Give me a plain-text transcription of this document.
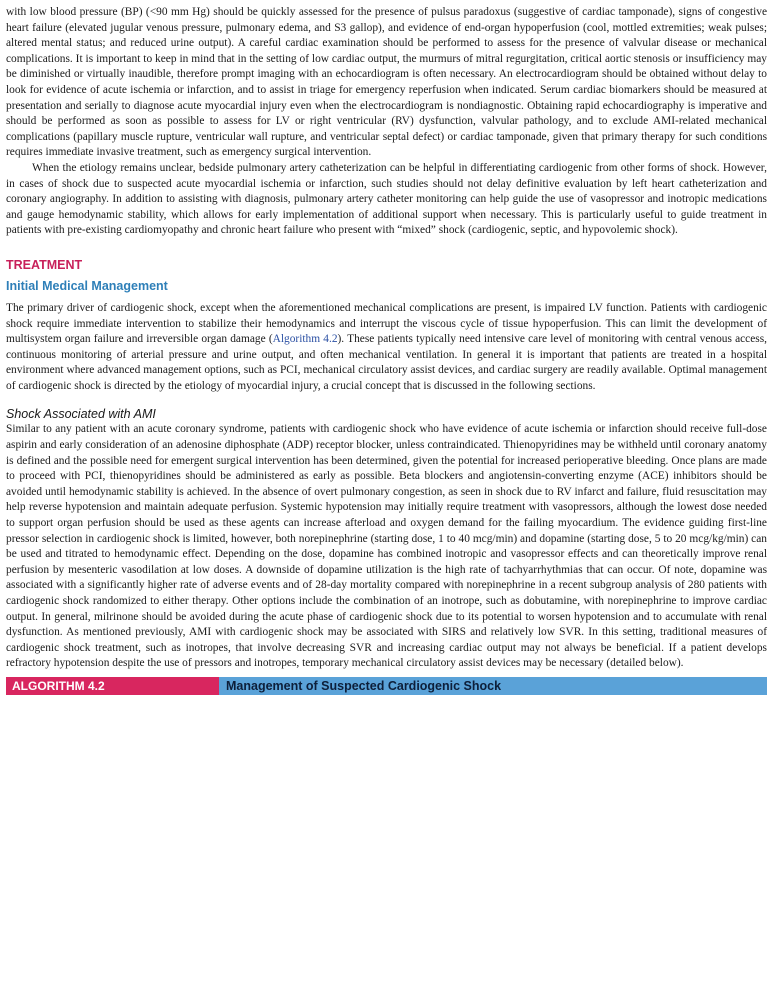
with low blood pressure (BP) (<90 mm Hg) should be quickly assessed for the presence of pulsus paradoxus (suggestive of cardiac tamponade), signs of congestive heart failure (elevated jugular venous pressure, pulmonary edema, and S3 gallop), and evidence of end-organ hypoperfusion (cool, mottled extremities; weak pulses; altered mental status; and reduced urine output). A careful cardiac examination should be performed to assess for the presence of valvular disease or mechanical complications. It is important to keep in mind that in the setting of low cardiac output, the murmurs of mitral regurgitation, critical aortic stenosis or insufficiency may be diminished or virtually inaudible, therefore prompt imaging with an echocardiogram is often necessary. An electrocardiogram should be obtained without delay to look for evidence of acute ischemia or infarction, and to assist in triage for emergency reperfusion when indicated. Serum cardiac biomarkers should be measured at presentation and serially to diagnose acute myocardial injury even when the electrocardiogram is nondiagnostic. Obtaining rapid echocardiography is imperative and should be performed as soon as possible to assess for LV or right ventricular (RV) dysfunction, valvular pathology, and to exclude AMI-related mechanical complications (papillary muscle rupture, ventricular wall rupture, and ventricular septal defect) or cardiac tamponade, given that primary therapy for such conditions requires immediate invasive treatment, such as emergency surgical intervention.

When the etiology remains unclear, bedside pulmonary artery catheterization can be helpful in differentiating cardiogenic from other forms of shock. However, in cases of shock due to suspected acute myocardial ischemia or infarction, such studies should not delay definitive evaluation by left heart catheterization and coronary angiography. In addition to assisting with diagnosis, pulmonary artery catheter monitoring can help guide the use of vasopressor and inotropic medications and gauge hemodynamic stability, which allows for early implementation of additional support when necessary. This is particularly useful to guide treatment in patients with pre-existing cardiomyopathy and chronic heart failure who present with “mixed” shock (cardiogenic, septic, and hypovolemic shock).

TREATMENT
Initial Medical Management

The primary driver of cardiogenic shock, except when the aforementioned mechanical complications are present, is impaired LV function. Patients with cardiogenic shock require immediate intervention to stabilize their hemodynamics and interrupt the viscous cycle of tissue hypoperfusion. This can limit the development of multisystem organ failure and irreversible organ damage (Algorithm 4.2). These patients typically need intensive care level of monitoring with central venous access, continuous monitoring of arterial pressure and urine output, and often mechanical ventilation. In general it is important that patients are treated in a hospital environment where advanced management options, such as PCI, mechanical circulatory assist devices, and cardiac surgery are readily available. Optimal management of cardiogenic shock is directed by the etiology of myocardial injury, a crucial concept that is discussed in the following sections.

Shock Associated with AMI

Similar to any patient with an acute coronary syndrome, patients with cardiogenic shock who have evidence of acute ischemia or infarction should receive full-dose aspirin and early consideration of an adenosine diphosphate (ADP) receptor blocker, unless contraindicated. Thienopyridines may be withheld until coronary anatomy is defined and the possible need for emergent surgical intervention has been determined, given the potential for increased perioperative bleeding. Once plans are made to proceed with PCI, thienopyridines should be administered as early as possible. Beta blockers and angiotensin-converting enzyme (ACE) inhibitors should be avoided until hemodynamic stability is achieved. In the absence of overt pulmonary congestion, as seen in shock due to RV infarct and failure, fluid resuscitation may help reverse hypotension and maintain adequate perfusion. Systemic hypotension may initially require treatment with vasopressors, although the lowest dose needed to support organ perfusion should be used as these agents can increase afterload and oxygen demand for the failing myocardium. The evidence guiding first-line pressor selection in cardiogenic shock is limited, however, both norepinephrine (starting dose, 1 to 40 mcg/min) and dopamine (starting dose, 5 to 20 mcg/kg/min) can be used and titrated to hemodynamic effect. Depending on the dose, dopamine has combined inotropic and vasopressor effects and can theoretically improve renal perfusion by mesenteric vasodilation at low doses. A downside of dopamine utilization is the high rate of tachyarrhythmias that can occur. Of note, dopamine was associated with a significantly higher rate of adverse events and of 28-day mortality compared with norepinephrine in a recent subgroup analysis of 280 patients with cardiogenic shock randomized to either therapy. Other options include the combination of an inotrope, such as dobutamine, with norepinephrine to improve cardiac output. In general, milrinone should be avoided during the acute phase of cardiogenic shock due to its potential to worsen hypotension and to accumulate with renal dysfunction. As mentioned previously, AMI with cardiogenic shock may be associated with SIRS and relatively low SVR. In this setting, traditional measures of cardiogenic shock treatment, such as inotropes, that involve decreasing SVR and increasing cardiac output may not always be beneficial. If a patient develops refractory hypotension despite the use of pressors and inotropes, temporary mechanical circulatory assist devices may be necessary (detailed below).

ALGORITHM 4.2	Management of Suspected Cardiogenic Shock
